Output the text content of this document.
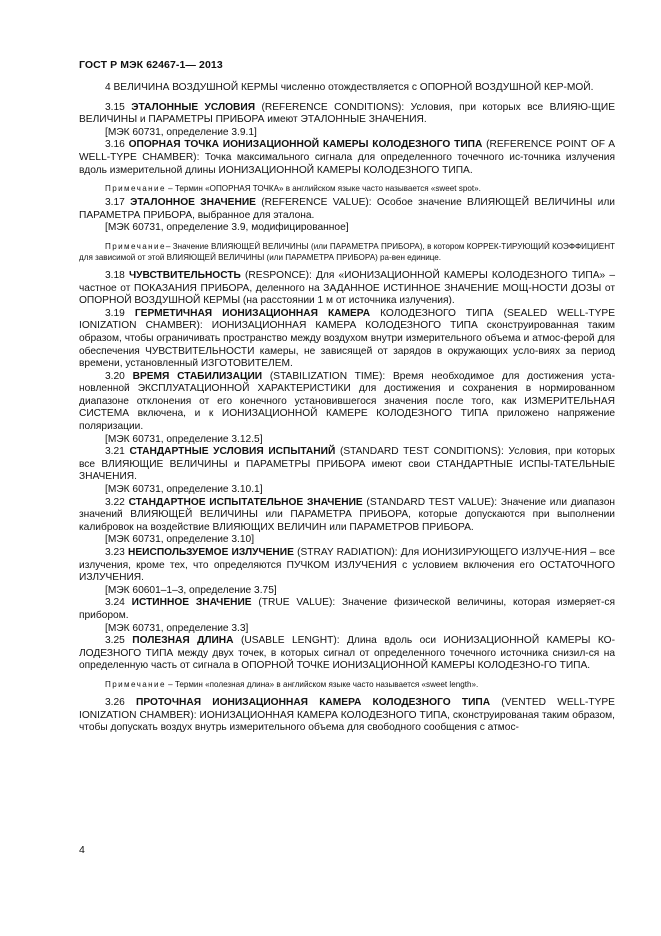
ГОСТ Р МЭК 62467-1— 2013

4 ВЕЛИЧИНА ВОЗДУШНОЙ КЕРМЫ численно отождествляется с ОПОРНОЙ ВОЗДУШНОЙ КЕР-МОЙ.

3.15 ЭТАЛОННЫЕ УСЛОВИЯ (REFERENCE CONDITIONS): Условия, при которых все ВЛИЯЮ-ЩИЕ ВЕЛИЧИНЫ и ПАРАМЕТРЫ ПРИБОРА имеют ЭТАЛОННЫЕ ЗНАЧЕНИЯ.

[МЭК 60731, определение 3.9.1]

3.16 ОПОРНАЯ ТОЧКА ИОНИЗАЦИОННОЙ КАМЕРЫ КОЛОДЕЗНОГО ТИПА (REFERENCE POINT OF A WELL-TYPE CHAMBER): Точка максимального сигнала для определенного точечного ис-точника излучения вдоль измерительной длины ИОНИЗАЦИОННОЙ КАМЕРЫ КОЛОДЕЗНОГО ТИПА.

Примечание – Термин «ОПОРНАЯ ТОЧКА» в английском языке часто называется «sweet spot».

3.17 ЭТАЛОННОЕ ЗНАЧЕНИЕ (REFERENCE VALUE): Особое значение ВЛИЯЮЩЕЙ ВЕЛИЧИНЫ или ПАРАМЕТРА ПРИБОРА, выбранное для эталона.

[МЭК 60731, определение 3.9, модифицированное]

Примечание– Значение ВЛИЯЮЩЕЙ ВЕЛИЧИНЫ (или ПАРАМЕТРА ПРИБОРА), в котором КОРРЕК-ТИРУЮЩИЙ КОЭФФИЦИЕНТ для зависимой от этой ВЛИЯЮЩЕЙ ВЕЛИЧИНЫ (или ПАРАМЕТРА ПРИБОРА) ра-вен единице.

3.18 ЧУВСТВИТЕЛЬНОСТЬ (RESPONCE): Для «ИОНИЗАЦИОННОЙ КАМЕРЫ КОЛОДЕЗНОГО ТИПА» – частное от ПОКАЗАНИЯ ПРИБОРА, деленного на ЗАДАННОЕ ИСТИННОЕ ЗНАЧЕНИЕ МОЩ-НОСТИ ДОЗЫ от ОПОРНОЙ ВОЗДУШНОЙ КЕРМЫ (на расстоянии 1 м от источника излучения).

3.19 ГЕРМЕТИЧНАЯ ИОНИЗАЦИОННАЯ КАМЕРА КОЛОДЕЗНОГО ТИПА (SEALED WELL-TYPE IONIZATION CHAMBER): ИОНИЗАЦИОННАЯ КАМЕРА КОЛОДЕЗНОГО ТИПА сконструированная таким образом, чтобы ограничивать пространство между воздухом внутри измерительного объема и атмос-ферой для обеспечения ЧУВСТВИТЕЛЬНОСТИ камеры, не зависящей от зарядов в окружающих усло-виях за период времени, установленный ИЗГОТОВИТЕЛЕМ.

3.20 ВРЕМЯ СТАБИЛИЗАЦИИ (STABILIZATION TIME): Время необходимое для достижения уста-новленной ЭКСПЛУАТАЦИОННОЙ ХАРАКТЕРИСТИКИ для достижения и сохранения в нормированном диапазоне отклонения от его конечного установившегося значения после того, как ИЗМЕРИТЕЛЬНАЯ СИСТЕМА включена, и к ИОНИЗАЦИОННОЙ КАМЕРЕ КОЛОДЕЗНОГО ТИПА приложено напряжение поляризации.

[МЭК 60731, определение 3.12.5]

3.21 СТАНДАРТНЫЕ УСЛОВИЯ ИСПЫТАНИЙ (STANDARD TEST CONDITIONS): Условия, при которых все ВЛИЯЮЩИЕ ВЕЛИЧИНЫ и ПАРАМЕТРЫ ПРИБОРА имеют свои СТАНДАРТНЫЕ ИСПЫ-ТАТЕЛЬНЫЕ ЗНАЧЕНИЯ.

[МЭК 60731, определение 3.10.1]

3.22 СТАНДАРТНОЕ ИСПЫТАТЕЛЬНОЕ ЗНАЧЕНИЕ (STANDARD TEST VALUE): Значение или диапазон значений ВЛИЯЮЩЕЙ ВЕЛИЧИНЫ или ПАРАМЕТРА ПРИБОРА, которые допускаются при выполнении калибровок на воздействие ВЛИЯЮЩИХ ВЕЛИЧИН или ПАРАМЕТРОВ ПРИБОРА.

[МЭК 60731, определение 3.10]

3.23 НЕИСПОЛЬЗУЕМОЕ ИЗЛУЧЕНИЕ (STRAY RADIATION): Для ИОНИЗИРУЮЩЕГО ИЗЛУЧЕ-НИЯ – все излучения, кроме тех, что определяются ПУЧКОМ ИЗЛУЧЕНИЯ с условием включения его ОСТАТОЧНОГО ИЗЛУЧЕНИЯ.

[МЭК 60601–1–3, определение 3.75]

3.24 ИСТИННОЕ ЗНАЧЕНИЕ (TRUE VALUE): Значение физической величины, которая измеряет-ся прибором.

[МЭК 60731, определение 3.3]

3.25 ПОЛЕЗНАЯ ДЛИНА (USABLE LENGHT): Длина вдоль оси ИОНИЗАЦИОННОЙ КАМЕРЫ КО-ЛОДЕЗНОГО ТИПА между двух точек, в которых сигнал от определенного точечного источника снизил-ся на определенную часть от сигнала в ОПОРНОЙ ТОЧКЕ ИОНИЗАЦИОННОЙ КАМЕРЫ КОЛОДЕЗНО-ГО ТИПА.

Примечание – Термин «полезная длина» в английском языке часто называется «sweet length».

3.26 ПРОТОЧНАЯ ИОНИЗАЦИОННАЯ КАМЕРА КОЛОДЕЗНОГО ТИПА (VENTED WELL-TYPE IONIZATION CHAMBER): ИОНИЗАЦИОННАЯ КАМЕРА КОЛОДЕЗНОГО ТИПА, сконструированая таким образом, чтобы допускать воздух внутрь измерительного объема для свободного сообщения с атмос-

4
